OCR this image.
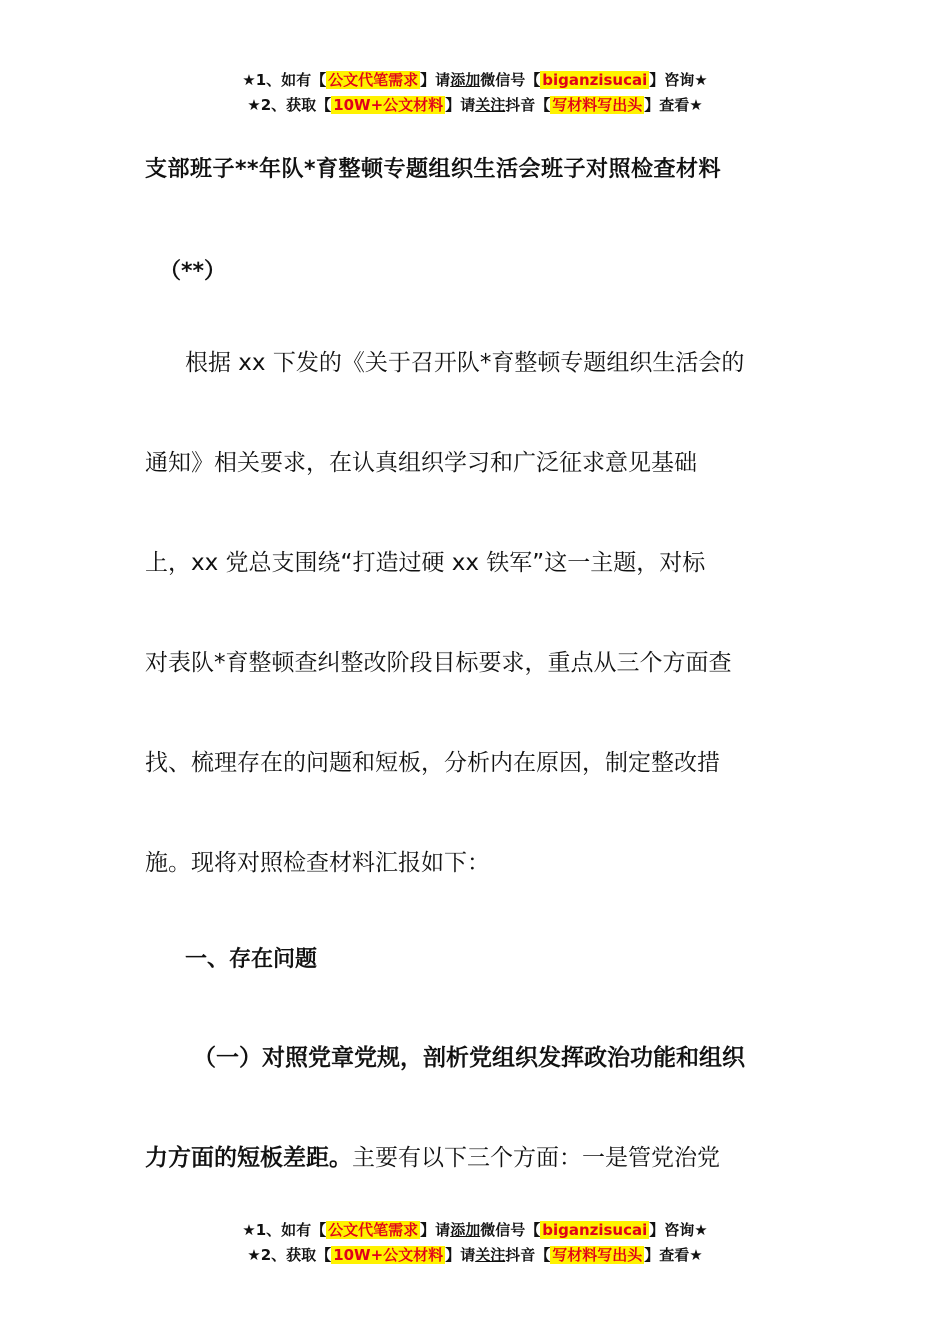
★1、如有【 公文代笔需求 】请添加微信号【 biganzisucai 】咨询★
★2、获取【 10W+公文材料 】请关注抖音【 写材料写出头 】查看★
支部班子**年队*育整顿专题组织生活会班子对照检查材料
（**）
根据 xx 下发的《关于召开队*育整顿专题组织生活会的
通知》相关要求，在认真组织学习和广泛征求意见基础
上，xx 党总支围绕“打造过硬 xx 铁军”这一主题，对标
对表队*育整顿查纠整改阶段目标要求，重点从三个方面查
找、梳理存在的问题和短板，分析内在原因，制定整改措
施。现将对照检查材料汇报如下：
一、存在问题
（一）对照党章党规，剖析党组织发挥政治功能和组织
力方面的短板差距。主要有以下三个方面：一是管党治党
★1、如有【 公文代笔需求 】请添加微信号【 biganzisucai 】咨询★
★2、获取【 10W+公文材料 】请关注抖音【 写材料写出头 】查看★
